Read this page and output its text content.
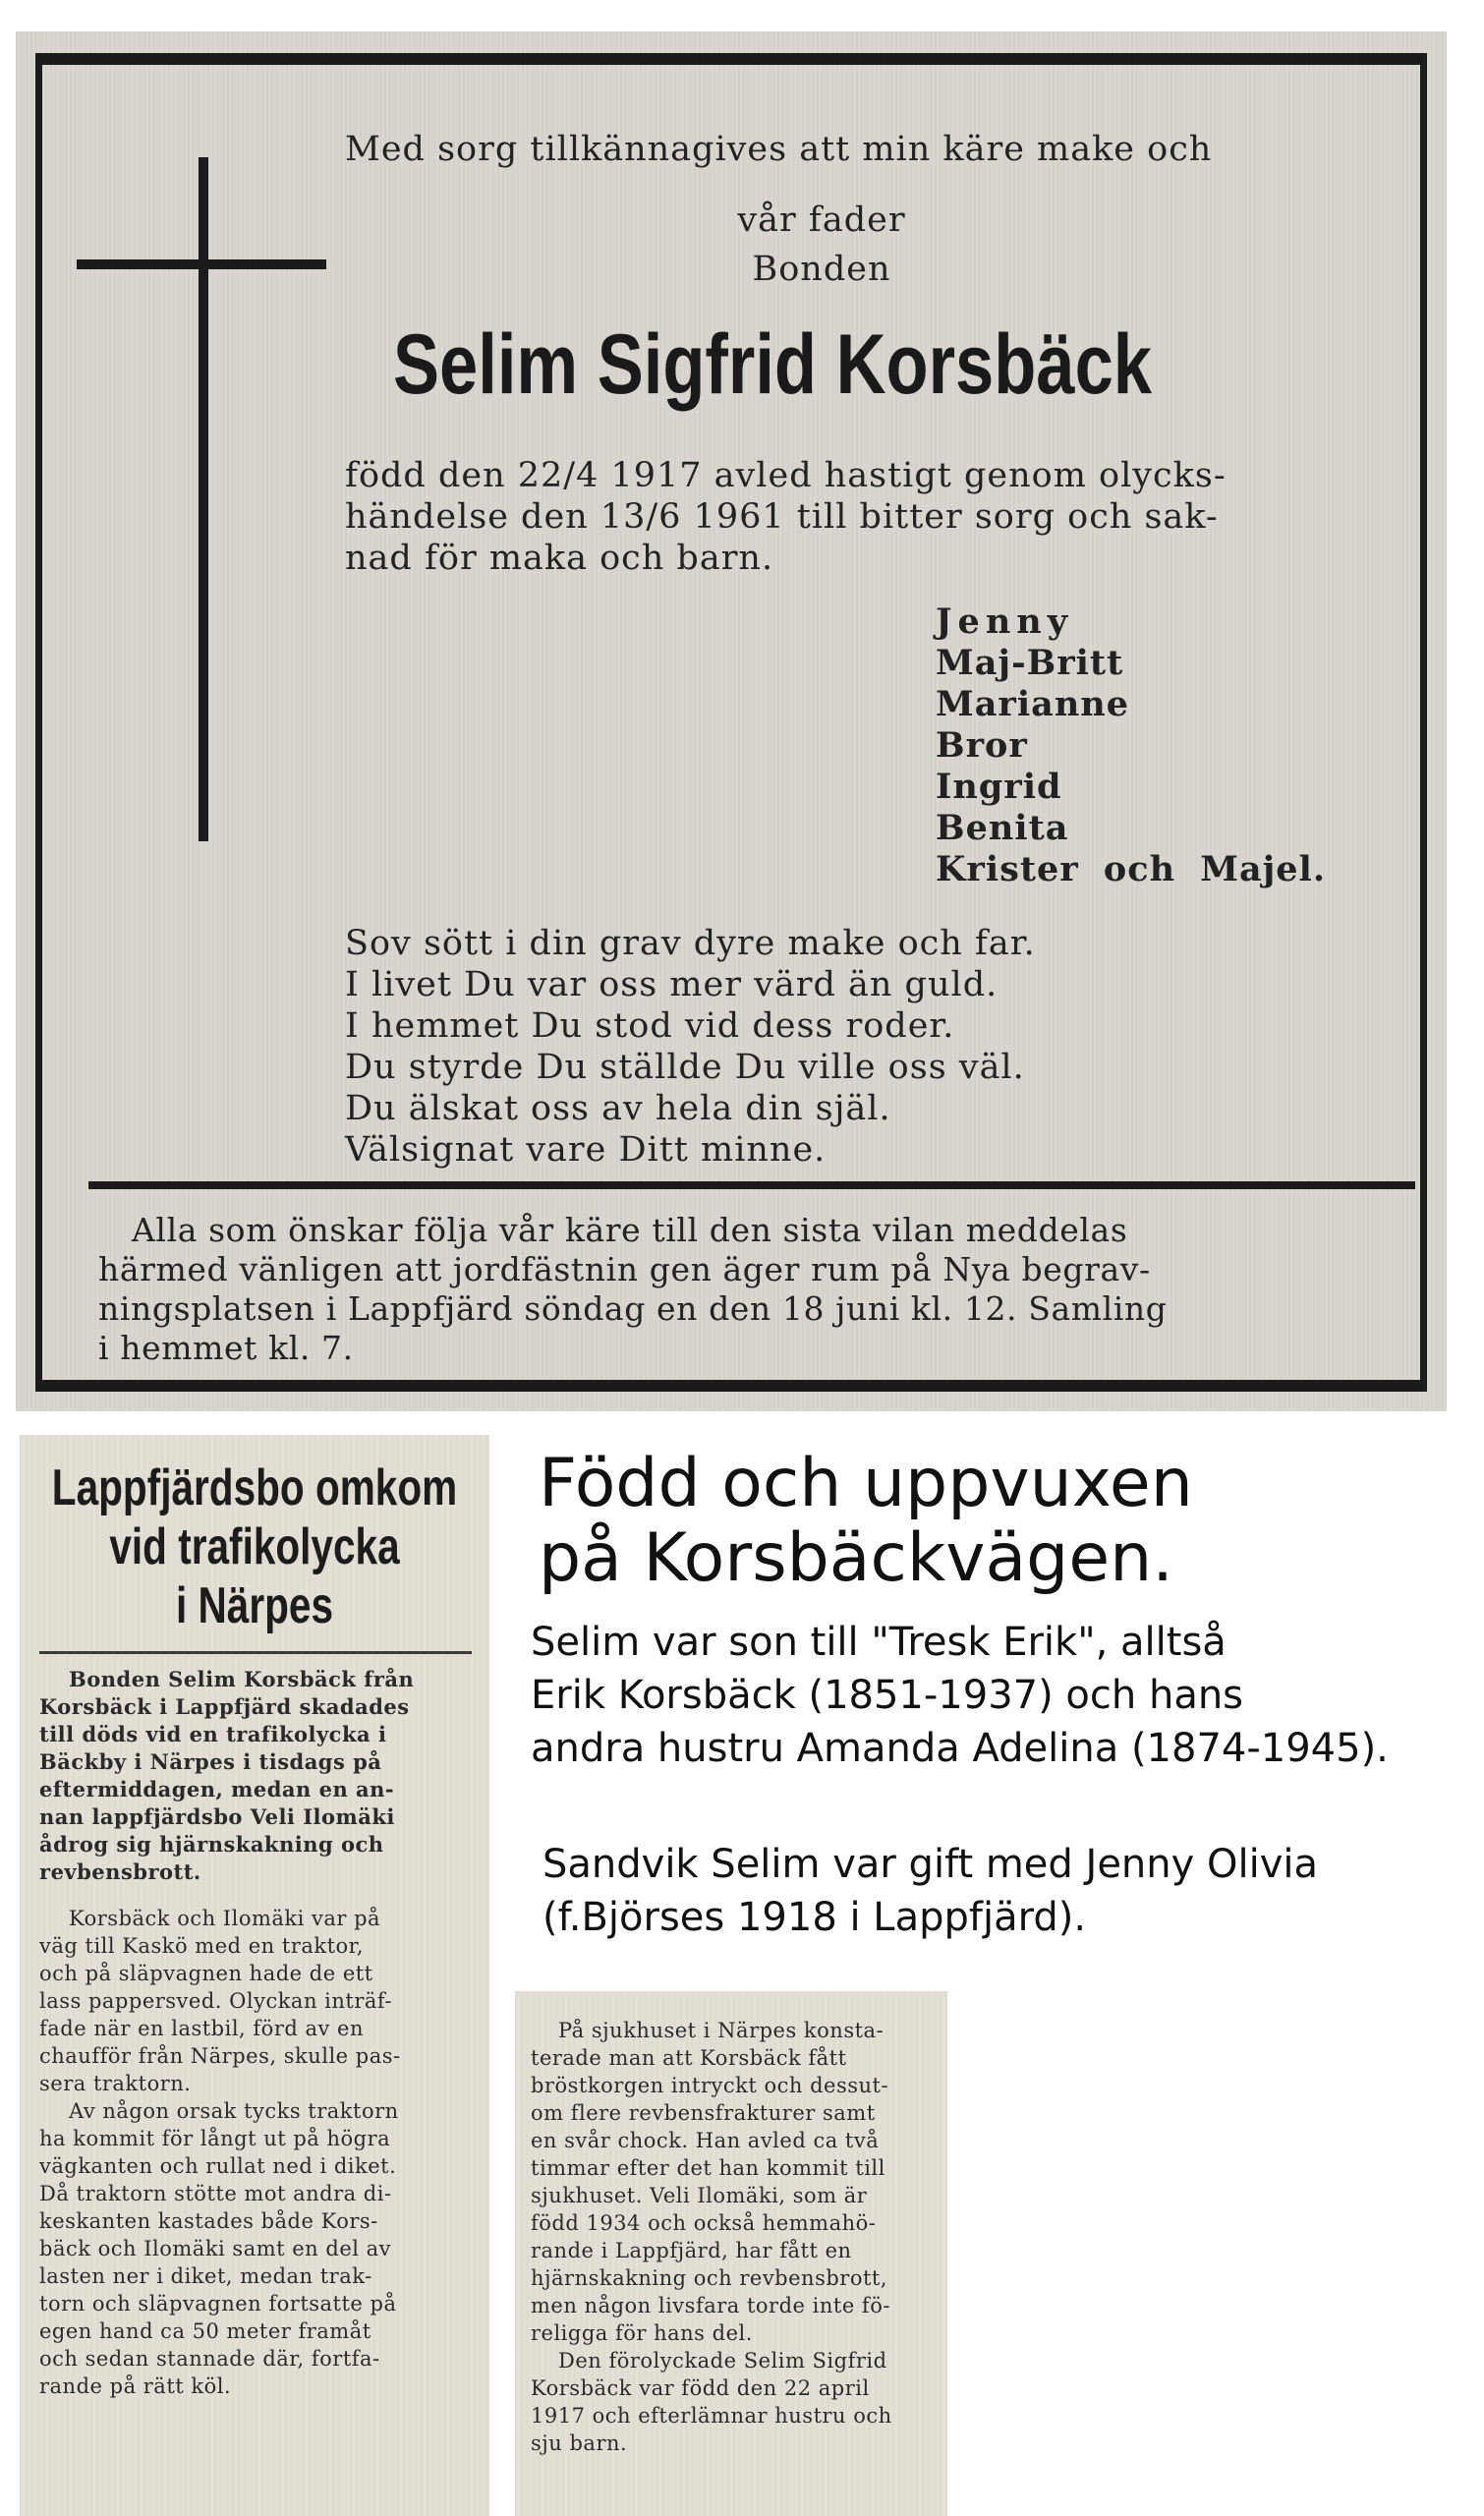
Med sorg tillkännagives att min käre make och
vår fader
Bonden
Selim Sigfrid Korsbäck
född den 22/4 1917 avled hastigt genom olycks-
händelse den 13/6 1961 till bitter sorg och sak-
nad för maka och barn.
Jenny
Maj-Britt
Marianne
Bror
Ingrid
Benita
Krister och Majel.
Sov sött i din grav dyre make och far.
I livet Du var oss mer värd än guld.
I hemmet Du stod vid dess roder.
Du styrde Du ställde Du ville oss väl.
Du älskat oss av hela din själ.
Välsignat vare Ditt minne.
Alla som önskar följa vår käre till den sista vilan meddelas
härmed vänligen att jordfästnin gen äger rum på Nya begrav-
ningsplatsen i Lappfjärd söndag en den 18 juni kl. 12. Samling
i hemmet kl. 7.
Född och uppvuxen
på Korsbäckvägen.
Selim var son till "Tresk Erik", alltså
Erik Korsbäck (1851-1937) och hans
andra hustru Amanda Adelina (1874-1945).
Sandvik Selim var gift med Jenny Olivia
(f.Björses 1918 i Lappfjärd).
Lappfjärdsbo omkom
vid trafikolycka
i Närpes
Bonden Selim Korsbäck från
Korsbäck i Lappfjärd skadades
till döds vid en trafikolycka i
Bäckby i Närpes i tisdags på
eftermiddagen, medan en an-
nan lappfjärdsbo Veli Ilomäki
ådrog sig hjärnskakning och
revbensbrott.
Korsbäck och Ilomäki var på
väg till Kaskö med en traktor,
och på släpvagnen hade de ett
lass pappersved. Olyckan inträf-
fade när en lastbil, förd av en
chaufför från Närpes, skulle pas-
sera traktorn.
Av någon orsak tycks traktorn
ha kommit för långt ut på högra
vägkanten och rullat ned i diket.
Då traktorn stötte mot andra di-
keskanten kastades både Kors-
bäck och Ilomäki samt en del av
lasten ner i diket, medan trak-
torn och släpvagnen fortsatte på
egen hand ca 50 meter framåt
och sedan stannade där, fortfa-
rande på rätt köl.
På sjukhuset i Närpes konsta-
terade man att Korsbäck fått
bröstkorgen intryckt och dessut-
om flere revbensfrakturer samt
en svår chock. Han avled ca två
timmar efter det han kommit till
sjukhuset. Veli Ilomäki, som är
född 1934 och också hemmahö-
rande i Lappfjärd, har fått en
hjärnskakning och revbensbrott,
men någon livsfara torde inte fö-
religga för hans del.
Den förolyckade Selim Sigfrid
Korsbäck var född den 22 april
1917 och efterlämnar hustru och
sju barn.
